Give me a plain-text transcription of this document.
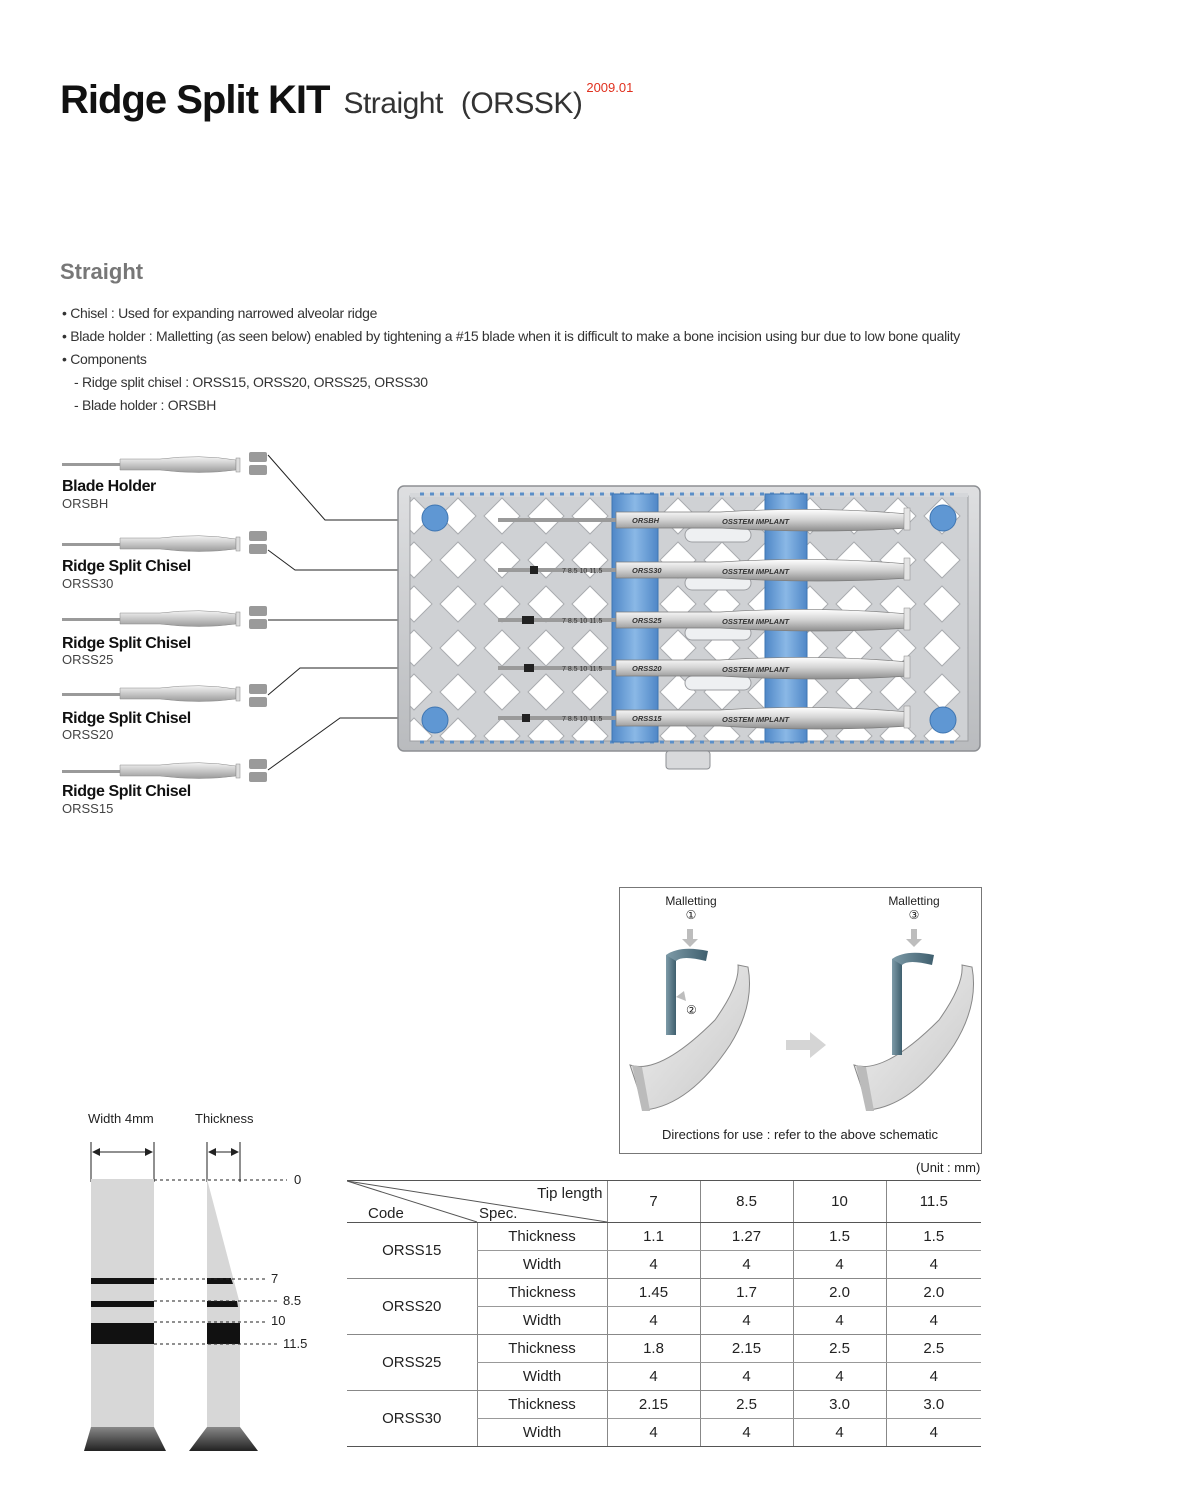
Ridge Split KIT Straight (ORSSK) $^{2009.01}$
Straight
• Chisel : Used for expanding narrowed alveolar ridge
• Blade holder : Malletting (as seen below) enabled by tightening a #15 blade when it is difficult to make a bone incision using bur due to low bone quality
• Components
- Ridge split chisel : ORSS15, ORSS20, ORSS25, ORSS30
- Blade holder : ORSBH
Blade Holder
ORSBH
Ridge Split Chisel
ORSS30
Ridge Split Chisel
ORSS25
Ridge Split Chisel
ORSS20
Ridge Split Chisel
ORSS15
ORSBH
ORSS30
ORSS25
ORSS20
ORSS15
OSSTEM IMPLANT
OSSTEM IMPLANT
OSSTEM IMPLANT
OSSTEM IMPLANT
OSSTEM IMPLANT
7 8.5 10 11.5
7 8.5 10 11.5
7 8.5 10 11.5
7 8.5 10 11.5
Malletting
①
Malletting
③
②
Directions for use : refer to the above schematic
Width 4mm	Thickness
0
7
8.5
10
11.5
(Unit : mm)
Tip length
Spec.
Code		7	8.5	10	11.5
ORSS15	Thickness	1.1	1.27	1.5	1.5
	Width	4	4	4	4
ORSS20	Thickness	1.45	1.7	2.0	2.0
	Width	4	4	4	4
ORSS25	Thickness	1.8	2.15	2.5	2.5
	Width	4	4	4	4
ORSS30	Thickness	2.15	2.5	3.0	3.0
	Width	4	4	4	4
